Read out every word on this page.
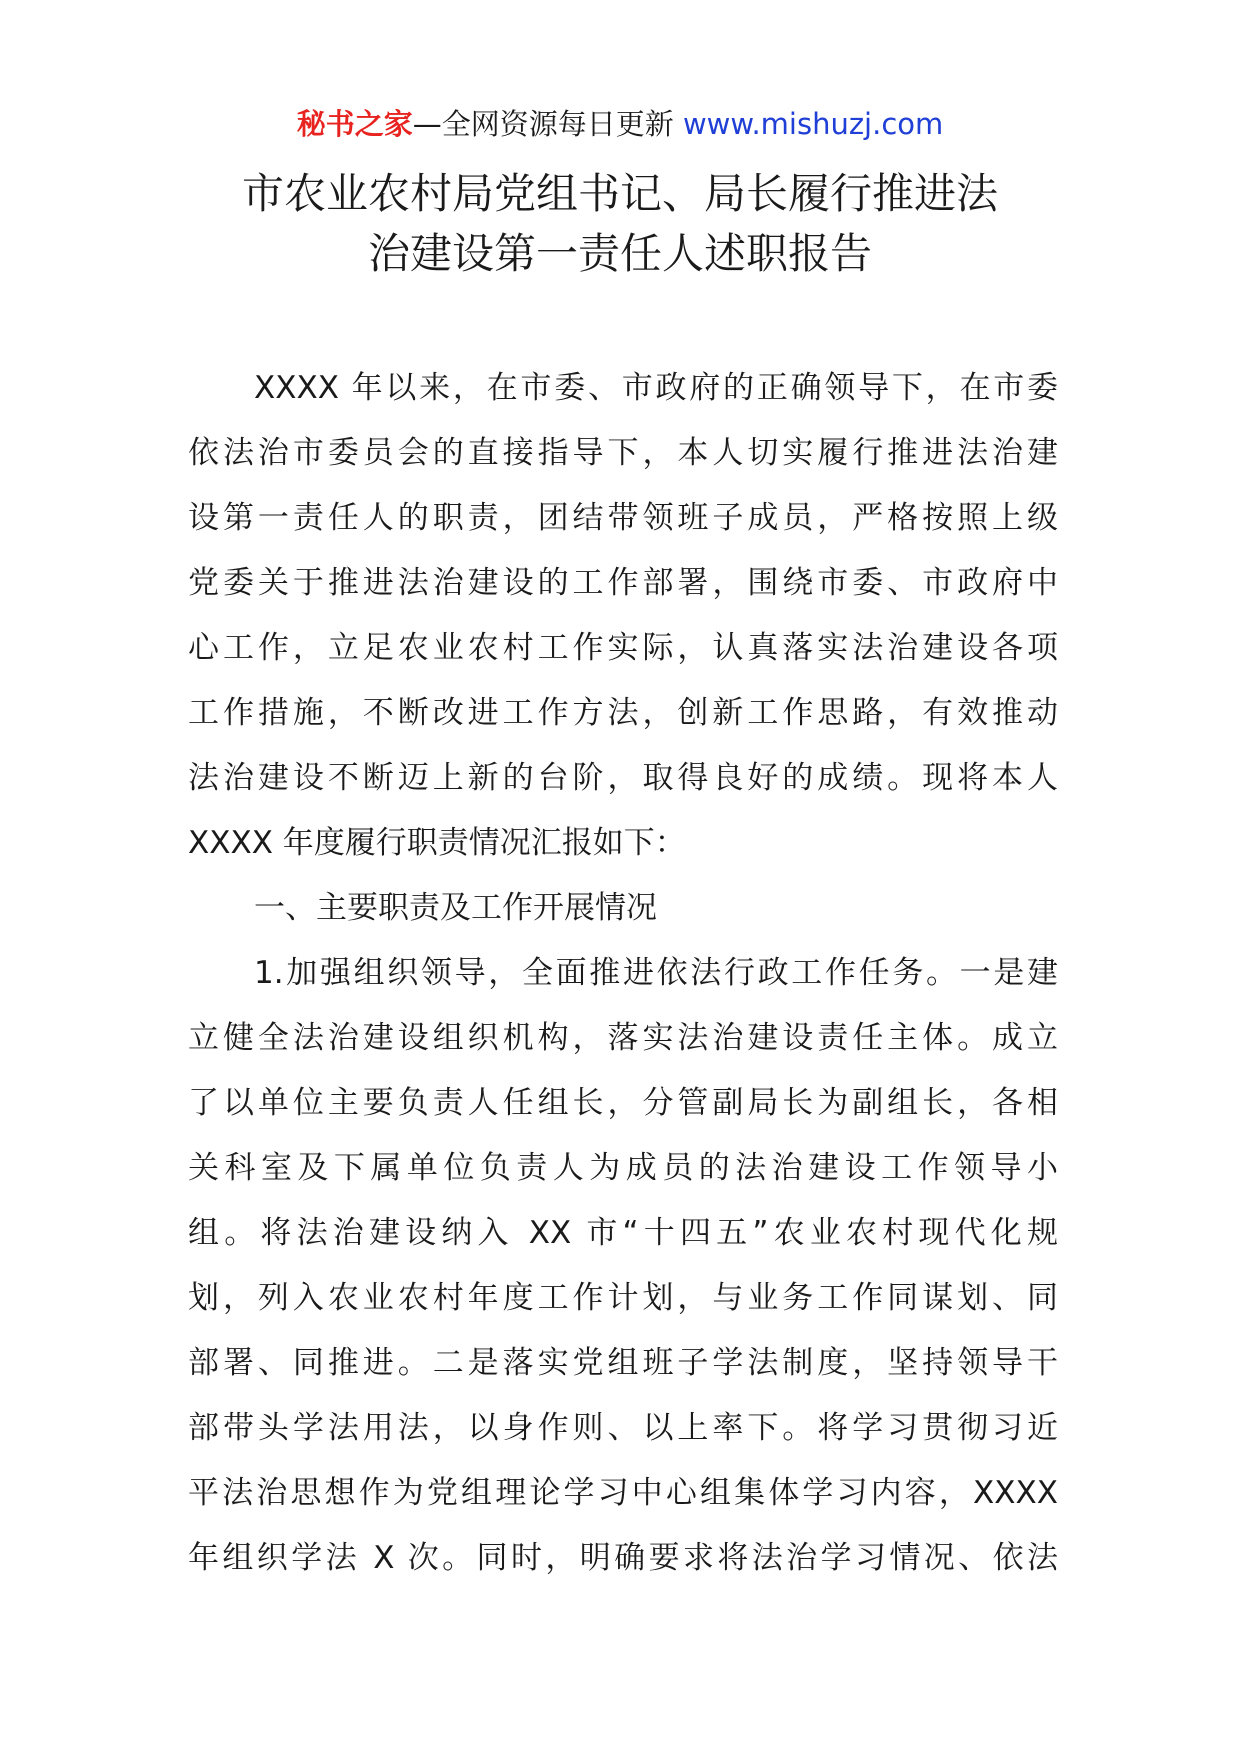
秘书之家—全网资源每日更新 www.mishuzj.com
市农业农村局党组书记、局长履行推进法
治建设第一责任人述职报告
XXXX 年以来，在市委、市政府的正确领导下，在市委
依法治市委员会的直接指导下，本人切实履行推进法治建
设第一责任人的职责，团结带领班子成员，严格按照上级
党委关于推进法治建设的工作部署，围绕市委、市政府中
心工作，立足农业农村工作实际，认真落实法治建设各项
工作措施，不断改进工作方法，创新工作思路，有效推动
法治建设不断迈上新的台阶，取得良好的成绩。现将本人
XXXX 年度履行职责情况汇报如下：
一、主要职责及工作开展情况
1.加强组织领导，全面推进依法行政工作任务。一是建
立健全法治建设组织机构，落实法治建设责任主体。成立
了以单位主要负责人任组长，分管副局长为副组长，各相
关科室及下属单位负责人为成员的法治建设工作领导小
组。将法治建设纳入 XX 市“十四五”农业农村现代化规
划，列入农业农村年度工作计划，与业务工作同谋划、同
部署、同推进。二是落实党组班子学法制度，坚持领导干
部带头学法用法，以身作则、以上率下。将学习贯彻习近
平法治思想作为党组理论学习中心组集体学习内容，XXXX
年组织学法 X 次。同时，明确要求将法治学习情况、依法
